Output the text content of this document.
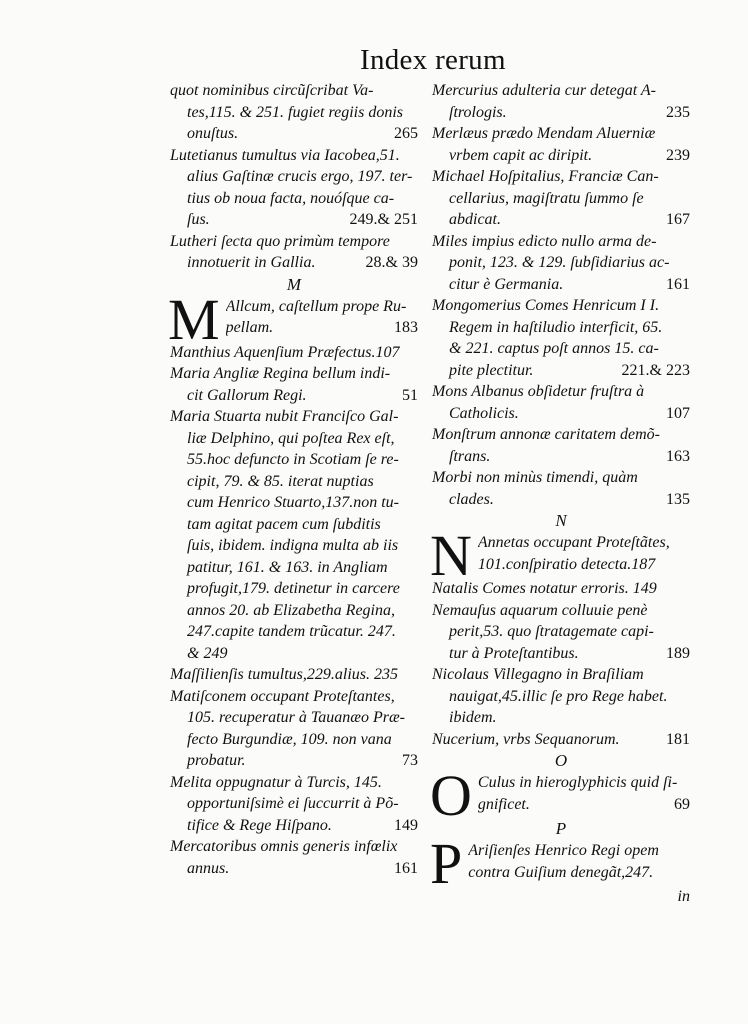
Index rerum
quot nominibus circũſcribat Va-
tes,115. & 251. fugiet regiis donis
onuſtus.	265
Lutetianus tumultus via Iacobea,51.
alius Gaſtinæ crucis ergo, 197. ter-
tius ob noua facta, nouóſque ca-
ſus.	249.& 251
Lutheri ſecta quo primùm tempore
innotuerit in Gallia.	28.& 39
M
M Allcum, caſtellum prope Ru-
pellam.	183
Manthius Aquenſium Præfectus.107
Maria Angliæ Regina bellum indi-
cit Gallorum Regi.	51
Maria Stuarta nubit Franciſco Gal-
liæ Delphino, qui poſtea Rex eſt,
55.hoc defuncto in Scotiam ſe re-
cipit, 79. & 85. iterat nuptias
cum Henrico Stuarto,137.non tu-
tam agitat pacem cum ſubditis
ſuis, ibidem. indigna multa ab iis
patitur, 161. & 163. in Angliam
profugit,179. detinetur in carcere
annos 20. ab Elizabetha Regina,
247.capite tandem trũcatur. 247.
& 249
Maſſilienſis tumultus,229.alius. 235
Matiſconem occupant Proteſtantes,
105. recuperatur à Tauanæo Præ-
fecto Burgundiæ, 109. non vana
probatur.	73
Melita oppugnatur à Turcis, 145.
opportuniſsimè ei ſuccurrit à Põ-
tifice & Rege Hiſpano.	149
Mercatoribus omnis generis infœlix
annus.	161
Mercurius adulteria cur detegat A-
ſtrologis.	235
Merlæus prædo Mendam Aluerniæ
vrbem capit ac diripit.	239
Michael Hoſpitalius, Franciæ Can-
cellarius, magiſtratu ſummo ſe
abdicat.	167
Miles impius edicto nullo arma de-
ponit, 123. & 129. ſubſidiarius ac-
citur è Germania.	161
Mongomerius Comes Henricum I I.
Regem in haſtiludio interficit, 65.
& 221. captus poſt annos 15. ca-
pite plectitur.	221.& 223
Mons Albanus obſidetur fruſtra à
Catholicis.	107
Monſtrum annonæ caritatem demõ-
ſtrans.	163
Morbi non minùs timendi, quàm
clades.	135
N
N Annetas occupant Proteſtãtes,
101.conſpiratio detecta.187
Natalis Comes notatur erroris. 149
Nemauſus aquarum colluuie penè
perit,53. quo ſtratagemate capi-
tur à Proteſtantibus.	189
Nicolaus Villegagno in Braſiliam
nauigat,45.illic ſe pro Rege habet.
ibidem.
Nucerium, vrbs Sequanorum.	181
O
O Culus in hieroglyphicis quid ſi-
gnificet.	69
P
P Ariſienſes Henrico Regi opem
contra Guiſium denegãt,247.
in
